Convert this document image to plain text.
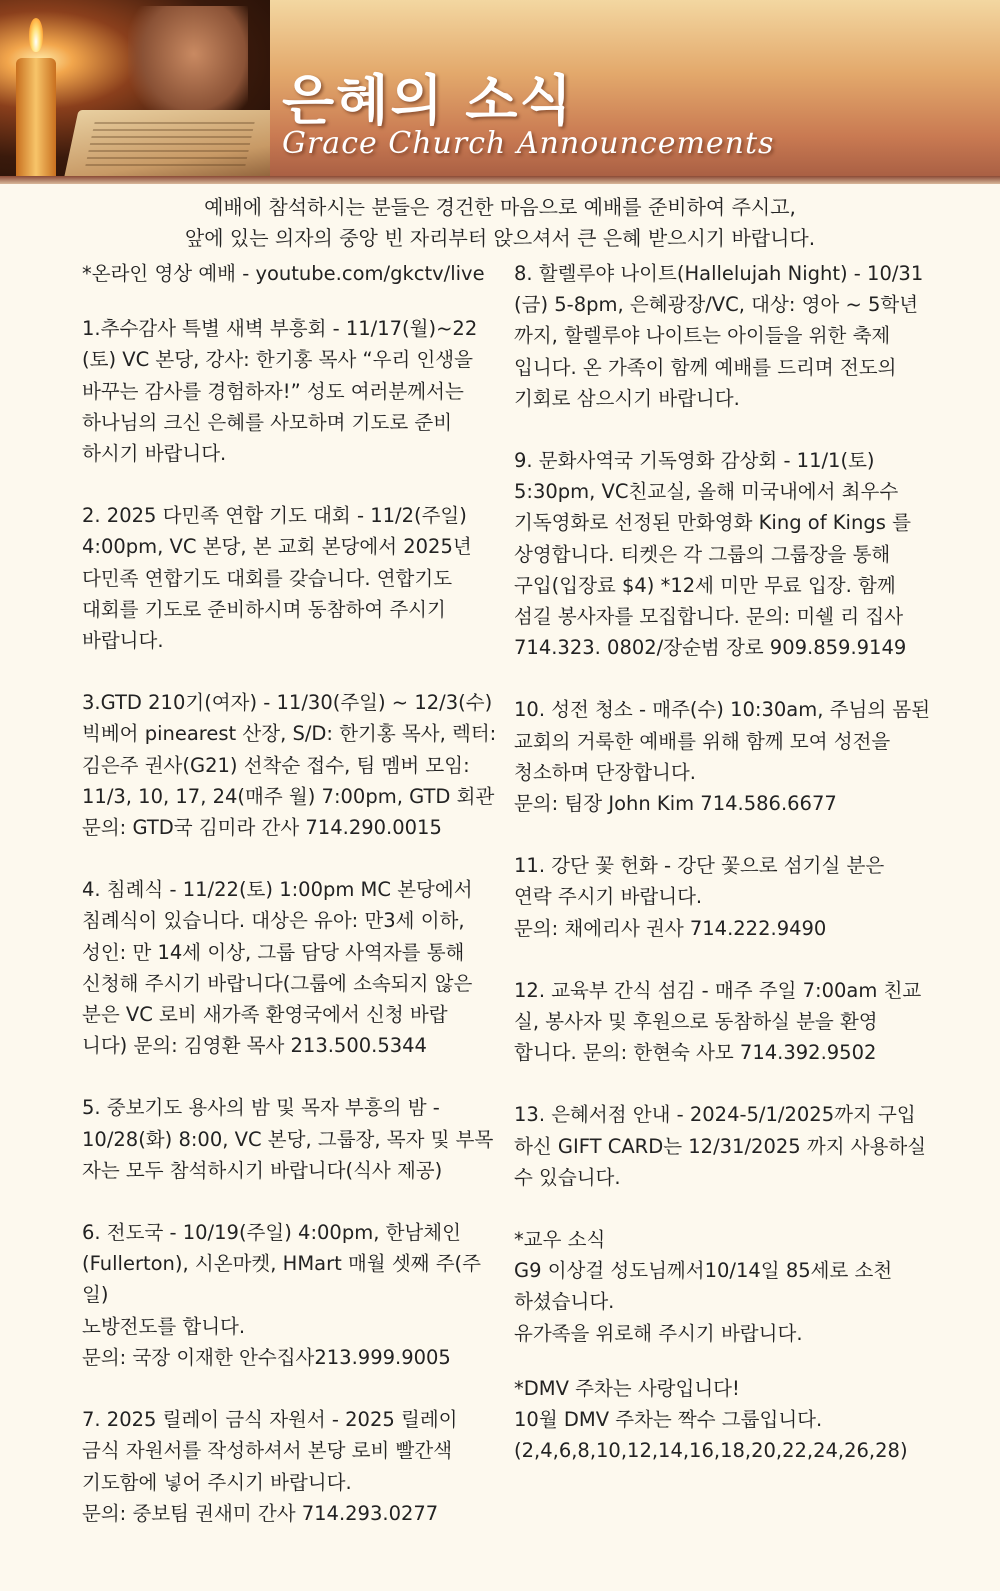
은혜의 소식
Grace Church Announcements
예배에 참석하시는 분들은 경건한 마음으로 예배를 준비하여 주시고,
앞에 있는 의자의 중앙 빈 자리부터 앉으셔서 큰 은혜 받으시기 바랍니다.
*온라인 영상 예배 - youtube.com/gkctv/live
1.추수감사 특별 새벽 부흥회 - 11/17(월)~22
(토) VC 본당, 강사: 한기홍 목사 “우리 인생을
바꾸는 감사를 경험하자!” 성도 여러분께서는
하나님의 크신 은혜를 사모하며 기도로 준비
하시기 바랍니다.
2. 2025 다민족 연합 기도 대회 - 11/2(주일)
4:00pm, VC 본당, 본 교회 본당에서 2025년
다민족 연합기도 대회를 갖습니다. 연합기도
대회를 기도로 준비하시며 동참하여 주시기
바랍니다.
3.GTD 210기(여자) - 11/30(주일) ~ 12/3(수)
빅베어 pinearest 산장, S/D: 한기홍 목사, 렉터:
김은주 권사(G21) 선착순 접수, 팀 멤버 모임:
11/3, 10, 17, 24(매주 월) 7:00pm, GTD 회관
문의: GTD국 김미라 간사 714.290.0015
4. 침례식 - 11/22(토) 1:00pm MC 본당에서
침례식이 있습니다. 대상은 유아: 만3세 이하,
성인: 만 14세 이상, 그룹 담당 사역자를 통해
신청해 주시기 바랍니다(그룹에 소속되지 않은
분은 VC 로비 새가족 환영국에서 신청 바랍
니다) 문의: 김영환 목사 213.500.5344
5. 중보기도 용사의 밤 및 목자 부흥의 밤 -
10/28(화) 8:00, VC 본당, 그룹장, 목자 및 부목
자는 모두 참석하시기 바랍니다(식사 제공)
6. 전도국 - 10/19(주일) 4:00pm, 한남체인
(Fullerton), 시온마켓, HMart 매월 셋째 주(주일)
노방전도를 합니다.
문의: 국장 이재한 안수집사213.999.9005
7. 2025 릴레이 금식 자원서 - 2025 릴레이
금식 자원서를 작성하셔서 본당 로비 빨간색
기도함에 넣어 주시기 바랍니다.
문의: 중보팀 권새미 간사 714.293.0277
8. 할렐루야 나이트(Hallelujah Night) - 10/31
(금) 5-8pm, 은혜광장/VC, 대상: 영아 ~ 5학년
까지, 할렐루야 나이트는 아이들을 위한 축제
입니다. 온 가족이 함께 예배를 드리며 전도의
기회로 삼으시기 바랍니다.
9. 문화사역국 기독영화 감상회 - 11/1(토)
5:30pm, VC친교실, 올해 미국내에서 최우수
기독영화로 선정된 만화영화 King of Kings 를
상영합니다. 티켓은 각 그룹의 그룹장을 통해
구입(입장료 $4) *12세 미만 무료 입장. 함께
섬길 봉사자를 모집합니다. 문의: 미쉘 리 집사
714.323. 0802/장순범 장로 909.859.9149
10. 성전 청소 - 매주(수) 10:30am, 주님의 몸된
교회의 거룩한 예배를 위해 함께 모여 성전을
청소하며 단장합니다.
문의: 팀장 John Kim 714.586.6677
11. 강단 꽃 헌화 - 강단 꽃으로 섬기실 분은
연락 주시기 바랍니다.
문의: 채에리사 권사 714.222.9490
12. 교육부 간식 섬김 - 매주 주일 7:00am 친교
실, 봉사자 및 후원으로 동참하실 분을 환영
합니다. 문의: 한현숙 사모 714.392.9502
13. 은혜서점 안내 - 2024-5/1/2025까지 구입
하신 GIFT CARD는 12/31/2025 까지 사용하실
수 있습니다.
*교우 소식
G9 이상걸 성도님께서10/14일 85세로 소천
하셨습니다.
유가족을 위로해 주시기 바랍니다.
*DMV 주차는 사랑입니다!
10월 DMV 주차는 짝수 그룹입니다.
(2,4,6,8,10,12,14,16,18,20,22,24,26,28)
